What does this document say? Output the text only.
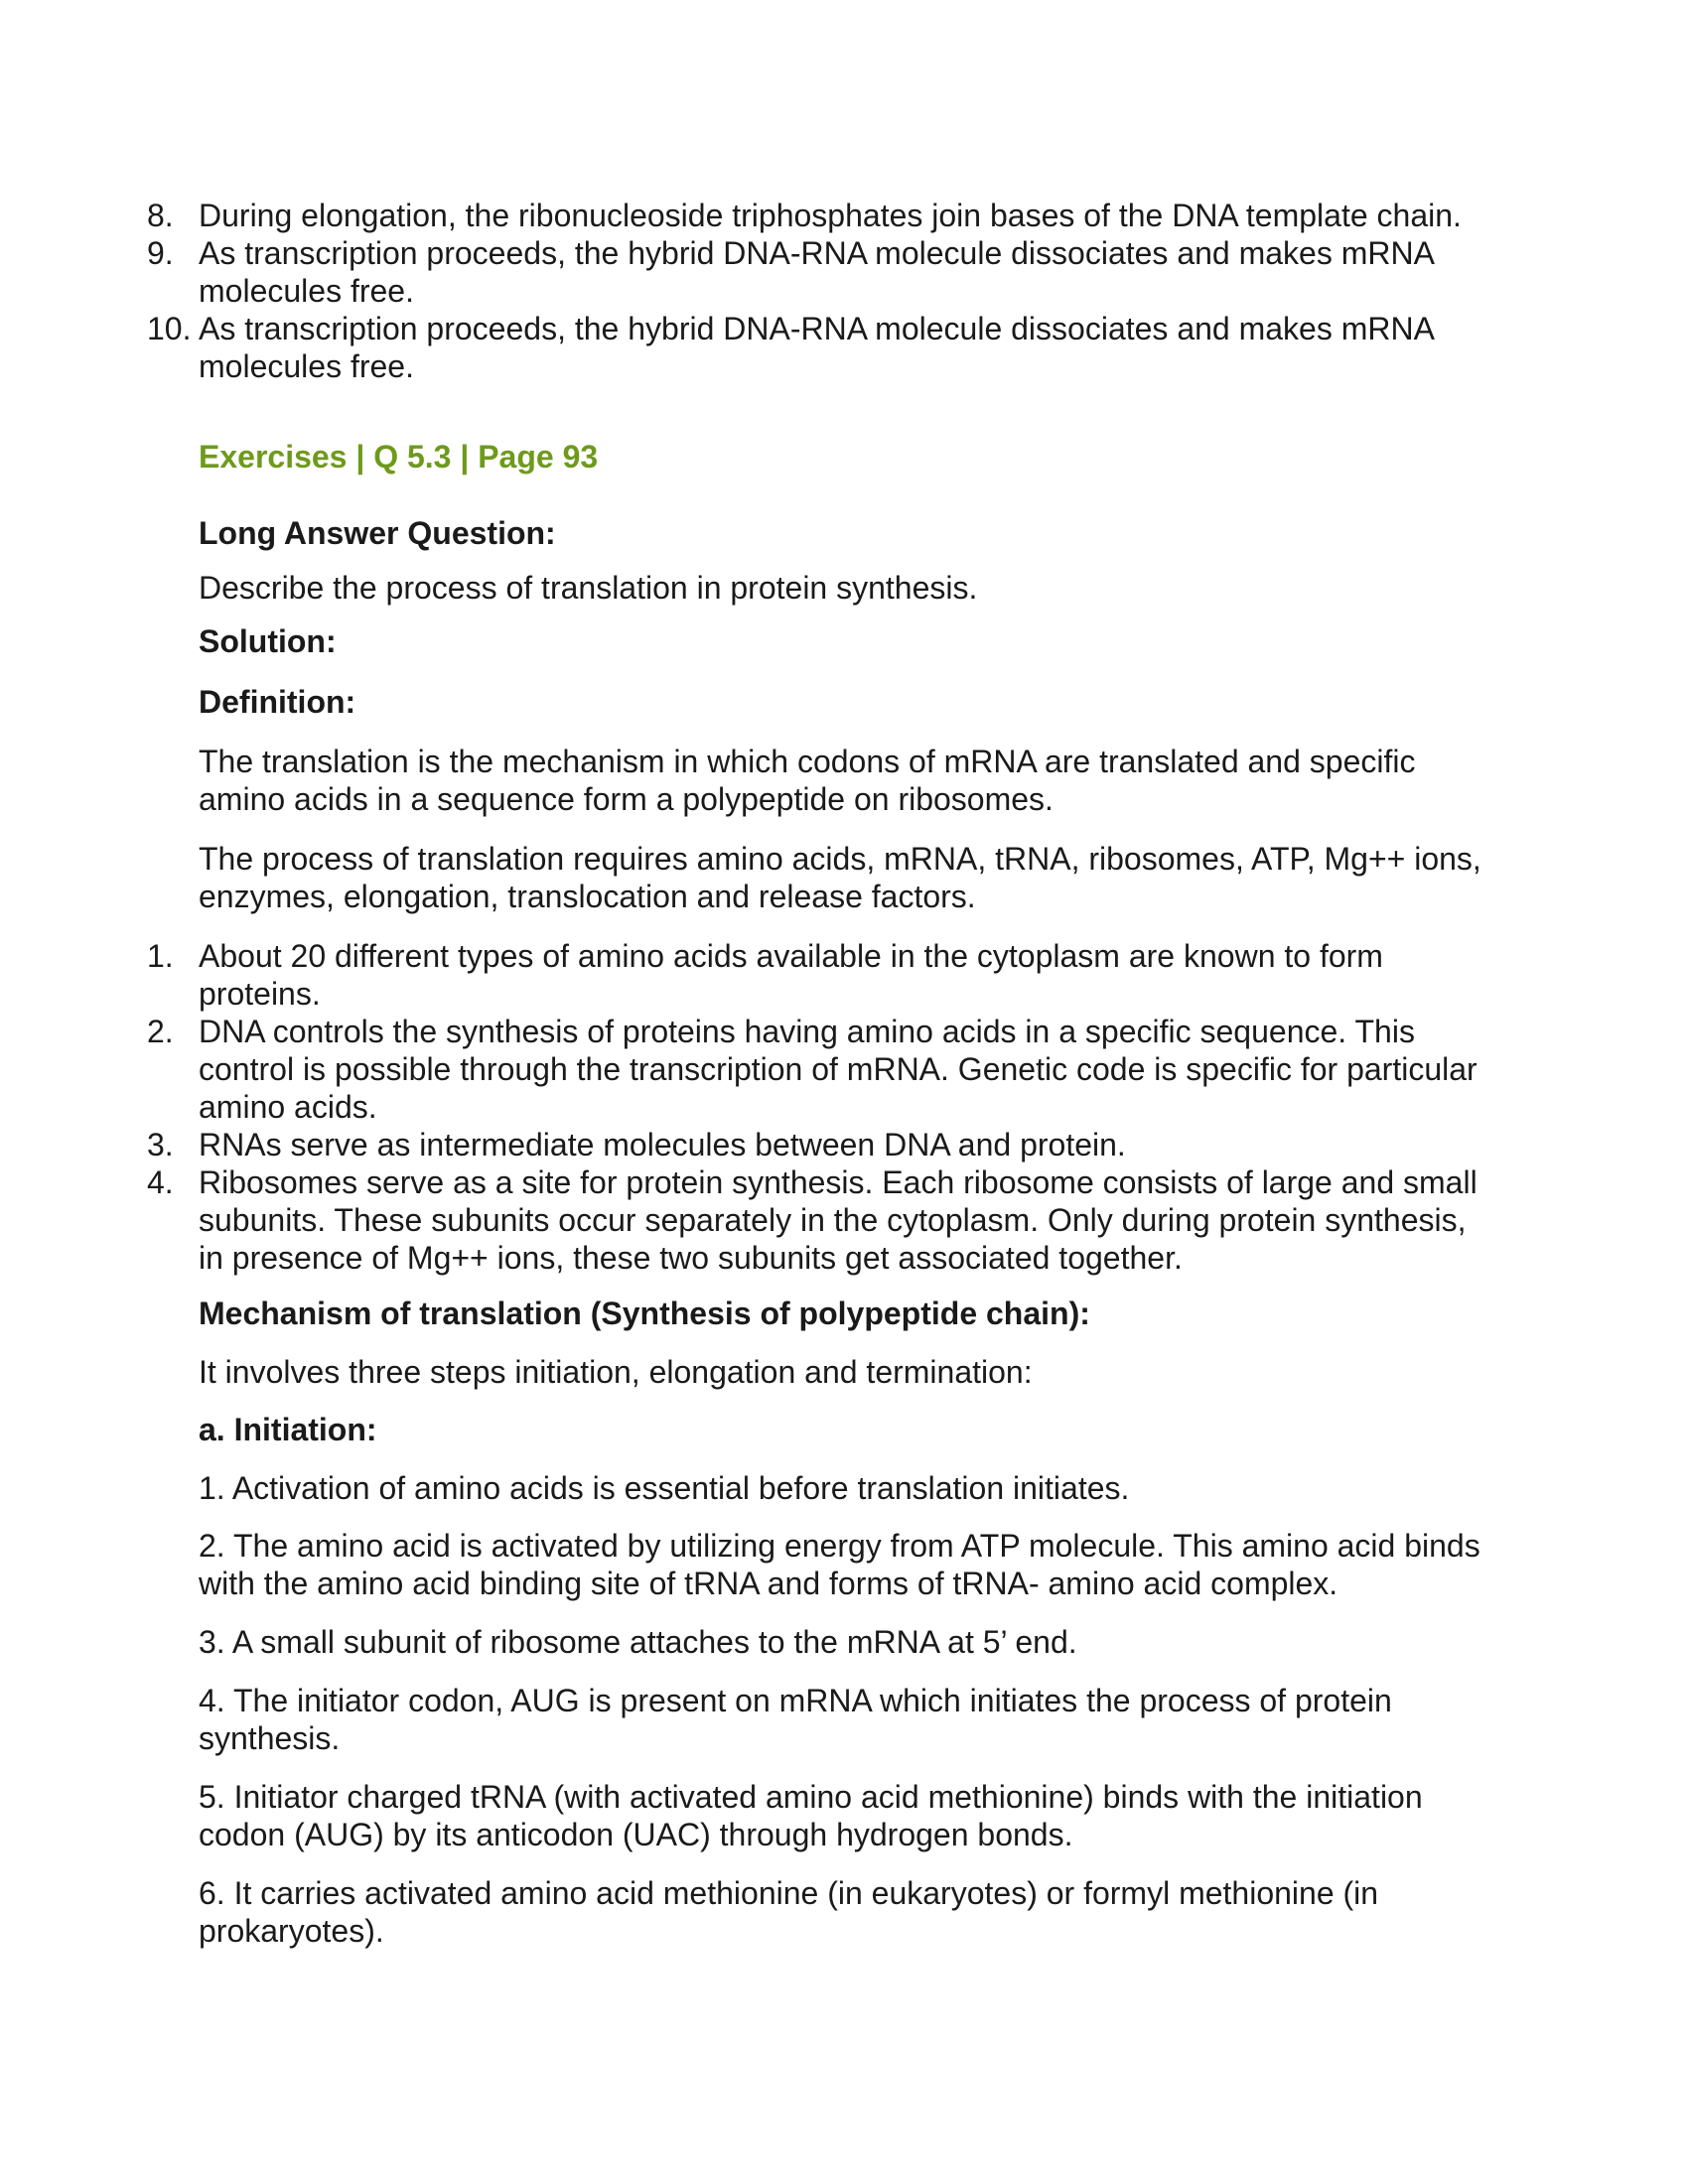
8. During elongation, the ribonucleoside triphosphates join bases of the DNA template chain.
9. As transcription proceeds, the hybrid DNA-RNA molecule dissociates and makes mRNA molecules free.
10. As transcription proceeds, the hybrid DNA-RNA molecule dissociates and makes mRNA molecules free.

Exercises | Q 5.3 | Page 93

Long Answer Question:

Describe the process of translation in protein synthesis.

Solution:

Definition:

The translation is the mechanism in which codons of mRNA are translated and specific amino acids in a sequence form a polypeptide on ribosomes.

The process of translation requires amino acids, mRNA, tRNA, ribosomes, ATP, Mg++ ions, enzymes, elongation, translocation and release factors.

1. About 20 different types of amino acids available in the cytoplasm are known to form proteins.
2. DNA controls the synthesis of proteins having amino acids in a specific sequence. This control is possible through the transcription of mRNA. Genetic code is specific for particular amino acids.
3. RNAs serve as intermediate molecules between DNA and protein.
4. Ribosomes serve as a site for protein synthesis. Each ribosome consists of large and small subunits. These subunits occur separately in the cytoplasm. Only during protein synthesis, in presence of Mg++ ions, these two subunits get associated together.

Mechanism of translation (Synthesis of polypeptide chain):

It involves three steps initiation, elongation and termination:

a. Initiation:

1. Activation of amino acids is essential before translation initiates.

2. The amino acid is activated by utilizing energy from ATP molecule. This amino acid binds with the amino acid binding site of tRNA and forms of tRNA- amino acid complex.

3. A small subunit of ribosome attaches to the mRNA at 5’ end.

4. The initiator codon, AUG is present on mRNA which initiates the process of protein synthesis.

5. Initiator charged tRNA (with activated amino acid methionine) binds with the initiation codon (AUG) by its anticodon (UAC) through hydrogen bonds.

6. It carries activated amino acid methionine (in eukaryotes) or formyl methionine (in prokaryotes).
